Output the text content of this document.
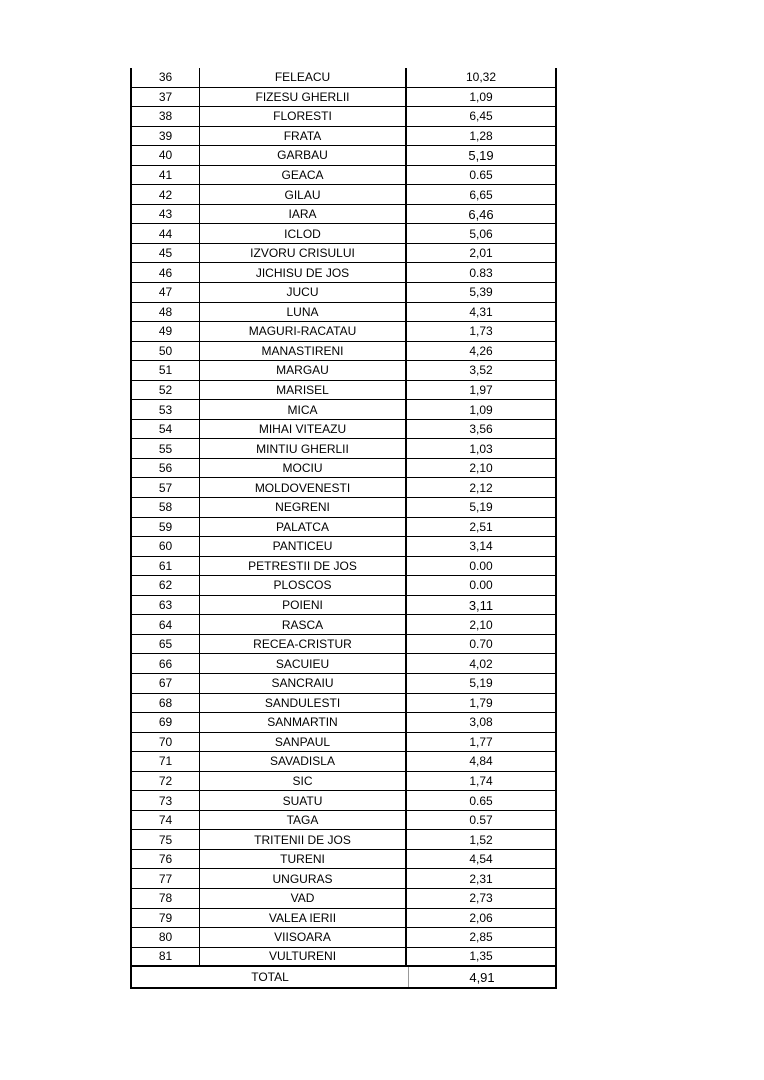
36	FELEACU	10,32
37	FIZESU GHERLII	1,09
38	FLORESTI	6,45
39	FRATA	1,28
40	GARBAU	5,19
41	GEACA	0.65
42	GILAU	6,65
43	IARA	6,46
44	ICLOD	5,06
45	IZVORU CRISULUI	2,01
46	JICHISU DE JOS	0.83
47	JUCU	5,39
48	LUNA	4,31
49	MAGURI-RACATAU	1,73
50	MANASTIRENI	4,26
51	MARGAU	3,52
52	MARISEL	1,97
53	MICA	1,09
54	MIHAI VITEAZU	3,56
55	MINTIU GHERLII	1,03
56	MOCIU	2,10
57	MOLDOVENESTI	2,12
58	NEGRENI	5,19
59	PALATCA	2,51
60	PANTICEU	3,14
61	PETRESTII DE JOS	0.00
62	PLOSCOS	0.00
63	POIENI	3,11
64	RASCA	2,10
65	RECEA-CRISTUR	0.70
66	SACUIEU	4,02
67	SANCRAIU	5,19
68	SANDULESTI	1,79
69	SANMARTIN	3,08
70	SANPAUL	1,77
71	SAVADISLA	4,84
72	SIC	1,74
73	SUATU	0.65
74	TAGA	0.57
75	TRITENII DE JOS	1,52
76	TURENI	4,54
77	UNGURAS	2,31
78	VAD	2,73
79	VALEA IERII	2,06
80	VIISOARA	2,85
81	VULTURENI	1,35
TOTAL	4,91
